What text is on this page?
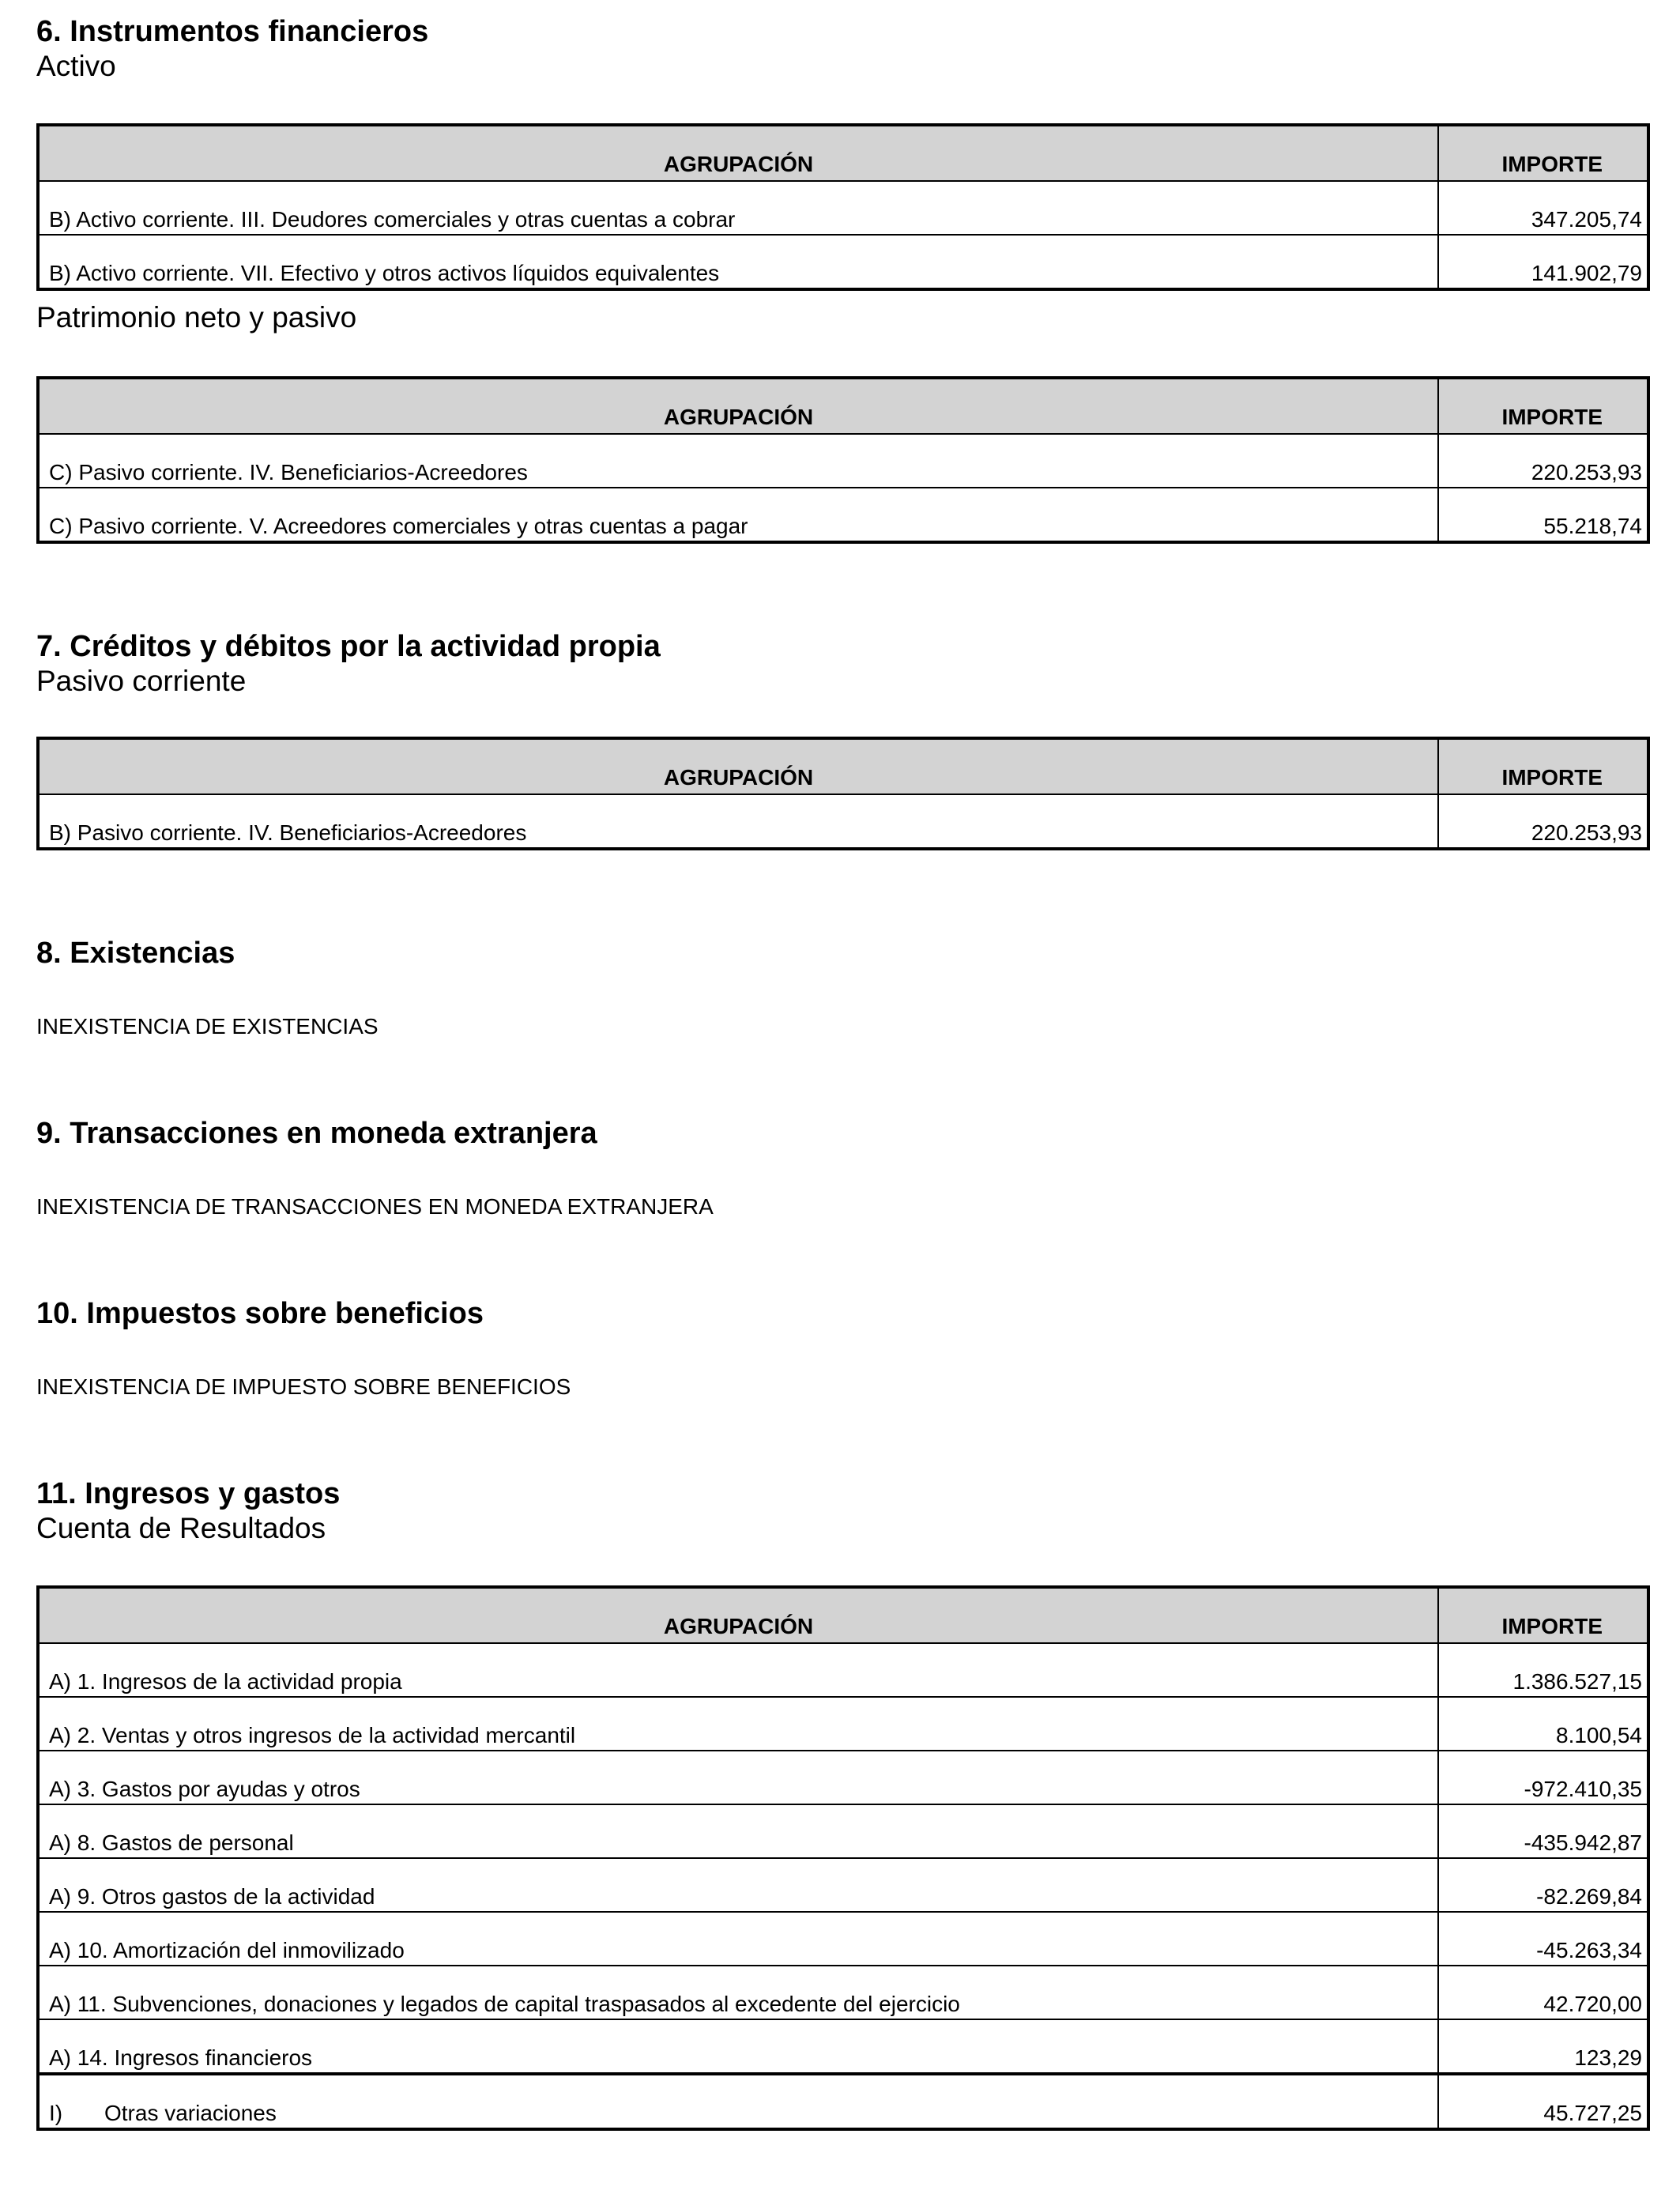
6. Instrumentos financieros

Activo

AGRUPACIÓN	IMPORTE
B) Activo corriente. III. Deudores comerciales y otras cuentas a cobrar	347.205,74
B) Activo corriente. VII. Efectivo y otros activos líquidos equivalentes	141.902,79

Patrimonio neto y pasivo

AGRUPACIÓN	IMPORTE
C) Pasivo corriente. IV. Beneficiarios-Acreedores	220.253,93
C) Pasivo corriente. V. Acreedores comerciales y otras cuentas a pagar	55.218,74

7. Créditos y débitos por la actividad propia

Pasivo corriente

AGRUPACIÓN	IMPORTE
B) Pasivo corriente. IV. Beneficiarios-Acreedores	220.253,93

8. Existencias

INEXISTENCIA DE EXISTENCIAS

9. Transacciones en moneda extranjera

INEXISTENCIA DE TRANSACCIONES EN MONEDA EXTRANJERA

10. Impuestos sobre beneficios

INEXISTENCIA DE IMPUESTO SOBRE BENEFICIOS

11. Ingresos y gastos

Cuenta de Resultados

AGRUPACIÓN	IMPORTE
A) 1. Ingresos de la actividad propia	1.386.527,15
A) 2. Ventas y otros ingresos de la actividad mercantil	8.100,54
A) 3. Gastos por ayudas y otros	-972.410,35
A) 8. Gastos de personal	-435.942,87
A) 9. Otros gastos de la actividad	-82.269,84
A) 10. Amortización del inmovilizado	-45.263,34
A) 11. Subvenciones, donaciones y legados de capital traspasados al excedente del ejercicio	42.720,00
A) 14. Ingresos financieros	123,29
I) Otras variaciones	45.727,25
